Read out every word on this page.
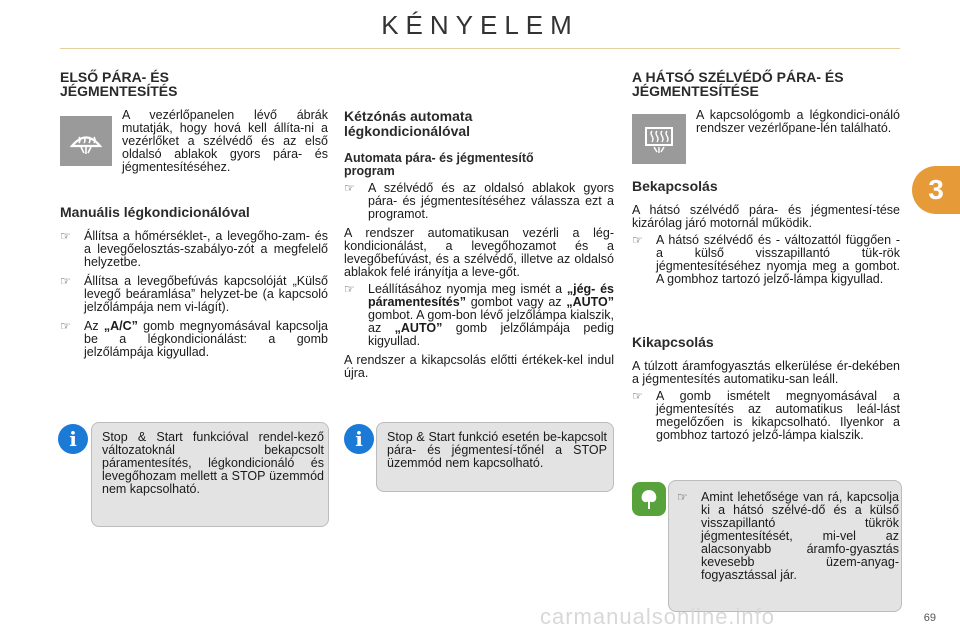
KÉNYELEM
3
ELSŐ PÁRA- ÉS
JÉGMENTESÍTÉS
A vezérlőpanelen lévő ábrák mutatják, hogy hová kell állíta-ni a vezérlőket a szélvédő és az első oldalsó ablakok gyors pára- és jégmentesítéséhez.
Manuális légkondicionálóval
☞ Állítsa a hőmérséklet-, a levegőho-zam- és a levegőelosztás-szabályo-zót a megfelelő helyzetbe.
☞ Állítsa a levegőbefúvás kapcsolóját „Külső levegő beáramlása” helyzet-be (a kapcsoló jelzőlámpája nem vi-lágít).
☞ Az „A/C” gomb megnyomásával kapcsolja be a légkondicionálást: a gomb jelzőlámpája kigyullad.
Stop & Start funkcióval rendel-kező változatoknál bekapcsolt páramentesítés, légkondicionáló és levegőhozam mellett a STOP üzemmód nem kapcsolható.
i
Kétzónás automata
légkondicionálóval
Automata pára- és jégmentesítő
program
☞ A szélvédő és az oldalsó ablakok gyors pára- és jégmentesítéséhez válassza ezt a programot.
A rendszer automatikusan vezérli a lég-kondicionálást, a levegőhozamot és a levegőbefúvást, és a szélvédő, illetve az oldalsó ablakok felé irányítja a leve-gőt.
☞ Leállításához nyomja meg ismét a „jég- és páramentesítés” gombot vagy az „AUTO” gombot. A gom-bon lévő jelzőlámpa kialszik, az „AUTO” gomb jelzőlámpája pedig kigyullad.
A rendszer a kikapcsolás előtti értékek-kel indul újra.
Stop & Start funkció esetén be-kapcsolt pára- és jégmentesí-tőnél a STOP üzemmód nem kapcsolható.
i
A HÁTSÓ SZÉLVÉDŐ PÁRA- ÉS
JÉGMENTESÍTÉSE
A kapcsológomb a légkondici-onáló rendszer vezérlőpane-lén található.
Bekapcsolás
A hátsó szélvédő pára- és jégmentesí-tése kizárólag járó motornál működik.
☞ A hátsó szélvédő és - változattól függően - a külső visszapillantó tük-rök jégmentesítéséhez nyomja meg a gombot. A gombhoz tartozó jelző-lámpa kigyullad.
Kikapcsolás
A túlzott áramfogyasztás elkerülése ér-dekében a jégmentesítés automatiku-san leáll.
☞ A gomb ismételt megnyomásával a jégmentesítés az automatikus leál-lást megelőzően is kikapcsolható. Ilyenkor a gombhoz tartozó jelző-lámpa kialszik.
☞ Amint lehetősége van rá, kapcsolja ki a hátsó szélvé-dő és a külső visszapillantó tükrök jégmentesítését, mi-vel az alacsonyabb áramfo-gyasztás kevesebb üzem-anyag-fogyasztással jár.
69
carmanualsonline.info
